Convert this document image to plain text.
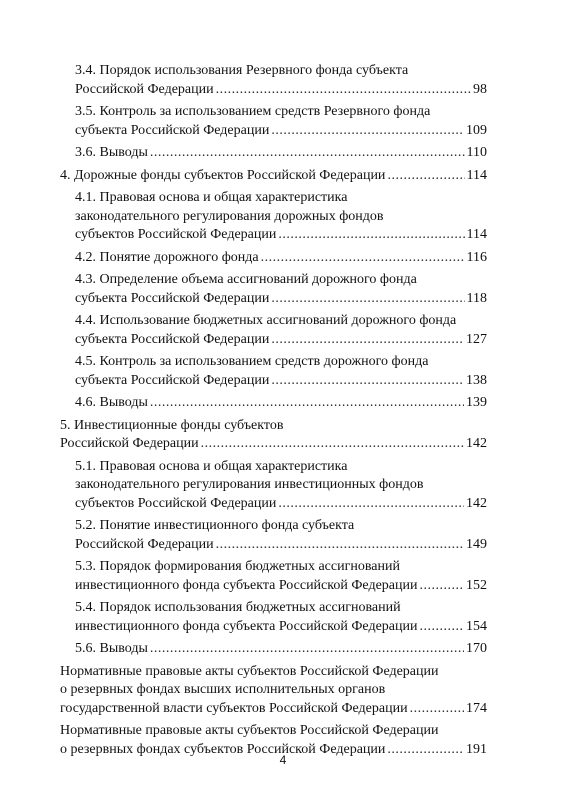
3.4. Порядок использования Резервного фонда субъекта
Российской Федерации .....	98
3.5. Контроль за использованием средств Резервного фонда
субъекта Российской Федерации .....	109
3.6. Выводы .....	110
4. Дорожные фонды субъектов Российской Федерации .....	114
4.1. Правовая основа и общая характеристика
законодательного регулирования дорожных фондов
субъектов Российской Федерации .....	114
4.2. Понятие дорожного фонда .....	116
4.3. Определение объема ассигнований дорожного фонда
субъекта Российской Федерации .....	118
4.4. Использование бюджетных ассигнований дорожного фонда
субъекта Российской Федерации .....	127
4.5. Контроль за использованием средств дорожного фонда
субъекта Российской Федерации .....	138
4.6. Выводы .....	139
5. Инвестиционные фонды субъектов
Российской Федерации .....	142
5.1. Правовая основа и общая характеристика
законодательного регулирования инвестиционных фондов
субъектов Российской Федерации .....	142
5.2. Понятие инвестиционного фонда субъекта
Российской Федерации .....	149
5.3. Порядок формирования бюджетных ассигнований
инвестиционного фонда субъекта Российской Федерации .....	152
5.4. Порядок использования бюджетных ассигнований
инвестиционного фонда субъекта Российской Федерации .....	154
5.6. Выводы .....	170
Нормативные правовые акты субъектов Российской Федерации
о резервных фондах высших исполнительных органов
государственной власти субъектов Российской Федерации .....	174
Нормативные правовые акты субъектов Российской Федерации
о резервных фондах субъектов Российской Федерации .....	191
4
